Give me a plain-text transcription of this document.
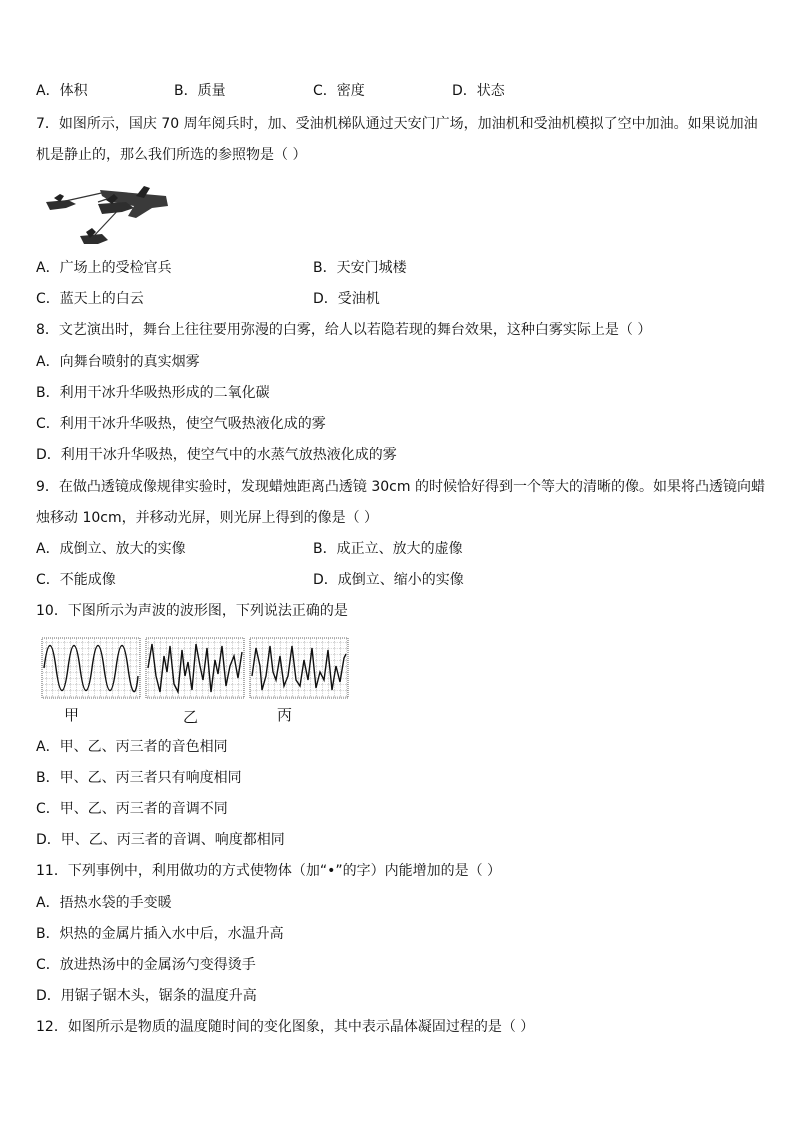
A．体积	B．质量	C．密度	D．状态
7．如图所示，国庆 70 周年阅兵时，加、受油机梯队通过天安门广场，加油机和受油机模拟了空中加油。如果说加油
机是静止的，那么我们所选的参照物是（ ）
A．广场上的受检官兵	B．天安门城楼
C．蓝天上的白云	D．受油机
8．文艺演出时，舞台上往往要用弥漫的白雾，给人以若隐若现的舞台效果，这种白雾实际上是（ ）
A．向舞台喷射的真实烟雾
B．利用干冰升华吸热形成的二氧化碳
C．利用干冰升华吸热，使空气吸热液化成的雾
D．利用干冰升华吸热，使空气中的水蒸气放热液化成的雾
9．在做凸透镜成像规律实验时，发现蜡烛距离凸透镜 30cm 的时候恰好得到一个等大的清晰的像。如果将凸透镜向蜡
烛移动 10cm，并移动光屏，则光屏上得到的像是（ ）
A．成倒立、放大的实像	B．成正立、放大的虚像
C．不能成像	D．成倒立、缩小的实像
10．下图所示为声波的波形图，下列说法正确的是
甲	乙	丙
A．甲、乙、丙三者的音色相同
B．甲、乙、丙三者只有响度相同
C．甲、乙、丙三者的音调不同
D．甲、乙、丙三者的音调、响度都相同
11．下列事例中，利用做功的方式使物体（加“•”的字）内能增加的是（ ）
A．捂热水袋的手变暖
B．炽热的金属片插入水中后，水温升高
C．放进热汤中的金属汤勺变得烫手
D．用锯子锯木头，锯条的温度升高
12．如图所示是物质的温度随时间的变化图象，其中表示晶体凝固过程的是（ ）
